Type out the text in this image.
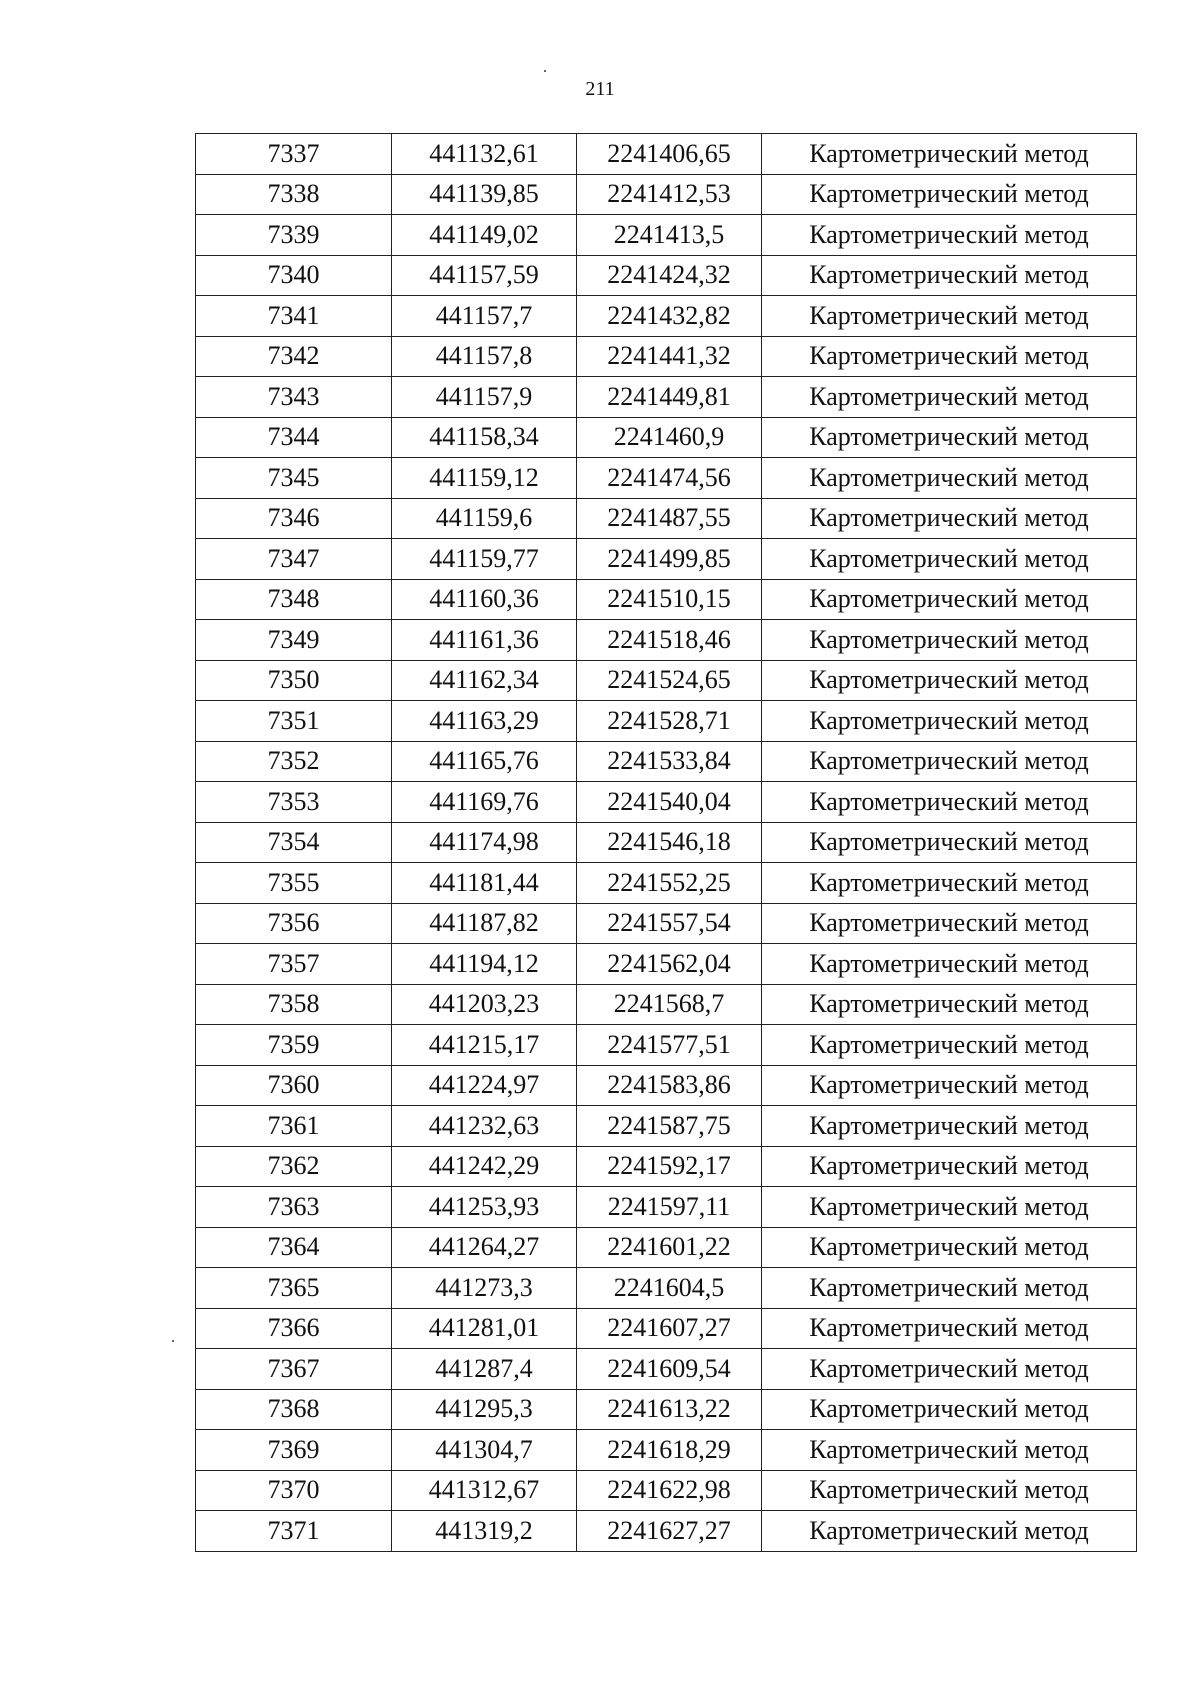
211
7337	441132,61	2241406,65	Картометрический метод
7338	441139,85	2241412,53	Картометрический метод
7339	441149,02	2241413,5	Картометрический метод
7340	441157,59	2241424,32	Картометрический метод
7341	441157,7	2241432,82	Картометрический метод
7342	441157,8	2241441,32	Картометрический метод
7343	441157,9	2241449,81	Картометрический метод
7344	441158,34	2241460,9	Картометрический метод
7345	441159,12	2241474,56	Картометрический метод
7346	441159,6	2241487,55	Картометрический метод
7347	441159,77	2241499,85	Картометрический метод
7348	441160,36	2241510,15	Картометрический метод
7349	441161,36	2241518,46	Картометрический метод
7350	441162,34	2241524,65	Картометрический метод
7351	441163,29	2241528,71	Картометрический метод
7352	441165,76	2241533,84	Картометрический метод
7353	441169,76	2241540,04	Картометрический метод
7354	441174,98	2241546,18	Картометрический метод
7355	441181,44	2241552,25	Картометрический метод
7356	441187,82	2241557,54	Картометрический метод
7357	441194,12	2241562,04	Картометрический метод
7358	441203,23	2241568,7	Картометрический метод
7359	441215,17	2241577,51	Картометрический метод
7360	441224,97	2241583,86	Картометрический метод
7361	441232,63	2241587,75	Картометрический метод
7362	441242,29	2241592,17	Картометрический метод
7363	441253,93	2241597,11	Картометрический метод
7364	441264,27	2241601,22	Картометрический метод
7365	441273,3	2241604,5	Картометрический метод
7366	441281,01	2241607,27	Картометрический метод
7367	441287,4	2241609,54	Картометрический метод
7368	441295,3	2241613,22	Картометрический метод
7369	441304,7	2241618,29	Картометрический метод
7370	441312,67	2241622,98	Картометрический метод
7371	441319,2	2241627,27	Картометрический метод
